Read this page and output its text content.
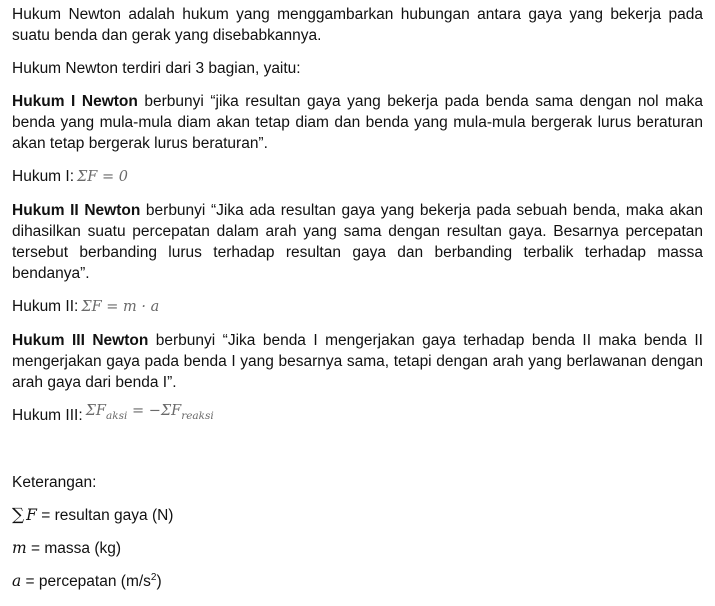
Hukum Newton adalah hukum yang menggambarkan hubungan antara gaya yang bekerja pada suatu benda dan gerak yang disebabkannya.

Hukum Newton terdiri dari 3 bagian, yaitu:

Hukum I Newton berbunyi “jika resultan gaya yang bekerja pada benda sama dengan nol maka benda yang mula-mula diam akan tetap diam dan benda yang mula-mula bergerak lurus beraturan akan tetap bergerak lurus beraturan”.

Hukum I: ΣF = 0

Hukum II Newton berbunyi “Jika ada resultan gaya yang bekerja pada sebuah benda, maka akan dihasilkan suatu percepatan dalam arah yang sama dengan resultan gaya. Besarnya percepatan tersebut berbanding lurus terhadap resultan gaya dan berbanding terbalik terhadap massa bendanya”.

Hukum II: ΣF = m · a

Hukum III Newton berbunyi “Jika benda I mengerjakan gaya terhadap benda II maka benda II mengerjakan gaya pada benda I yang besarnya sama, tetapi dengan arah yang berlawanan dengan arah gaya dari benda I”.

Hukum III: $\Sigma F_{aksi} = -\Sigma F_{reaksi}$

Keterangan:

∑ F = resultan gaya (N)

m = massa (kg)

a = percepatan $(m/s^2)$
